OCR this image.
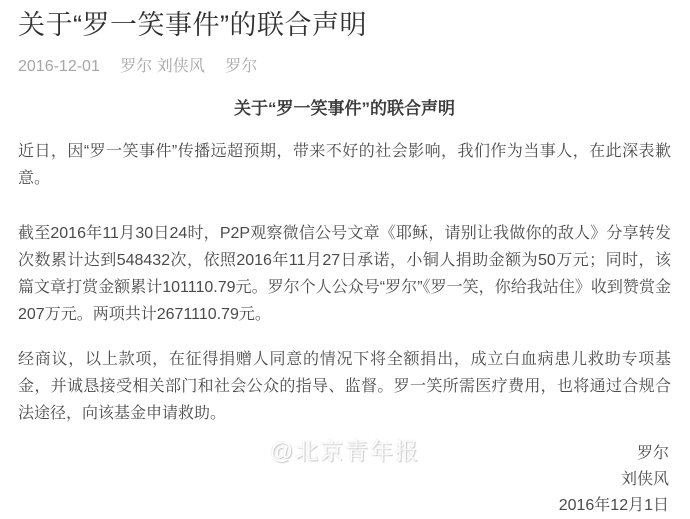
关于“罗一笑事件”的联合声明
2016-12-01 罗尔 刘侠风 罗尔
关于“罗一笑事件”的联合声明

近日，因“罗一笑事件”传播远超预期，带来不好的社会影响，我们作为当事人，在此深表歉意。

截至2016年11月30日24时，P2P观察微信公号文章《耶稣，请别让我做你的敌人》分享转发次数累计达到548432次，依照2016年11月27日承诺，小铜人捐助金额为50万元；同时，该篇文章打赏金额累计101110.79元。罗尔个人公众号“罗尔”《罗一笑，你给我站住》收到赞赏金207万元。两项共计2671110.79元。

经商议，以上款项，在征得捐赠人同意的情况下将全额捐出，成立白血病患儿救助专项基金，并诚恳接受相关部门和社会公众的指导、监督。罗一笑所需医疗费用，也将通过合规合法途径，向该基金申请救助。

罗尔
刘侠风
2016年12月1日
@北京青年报
